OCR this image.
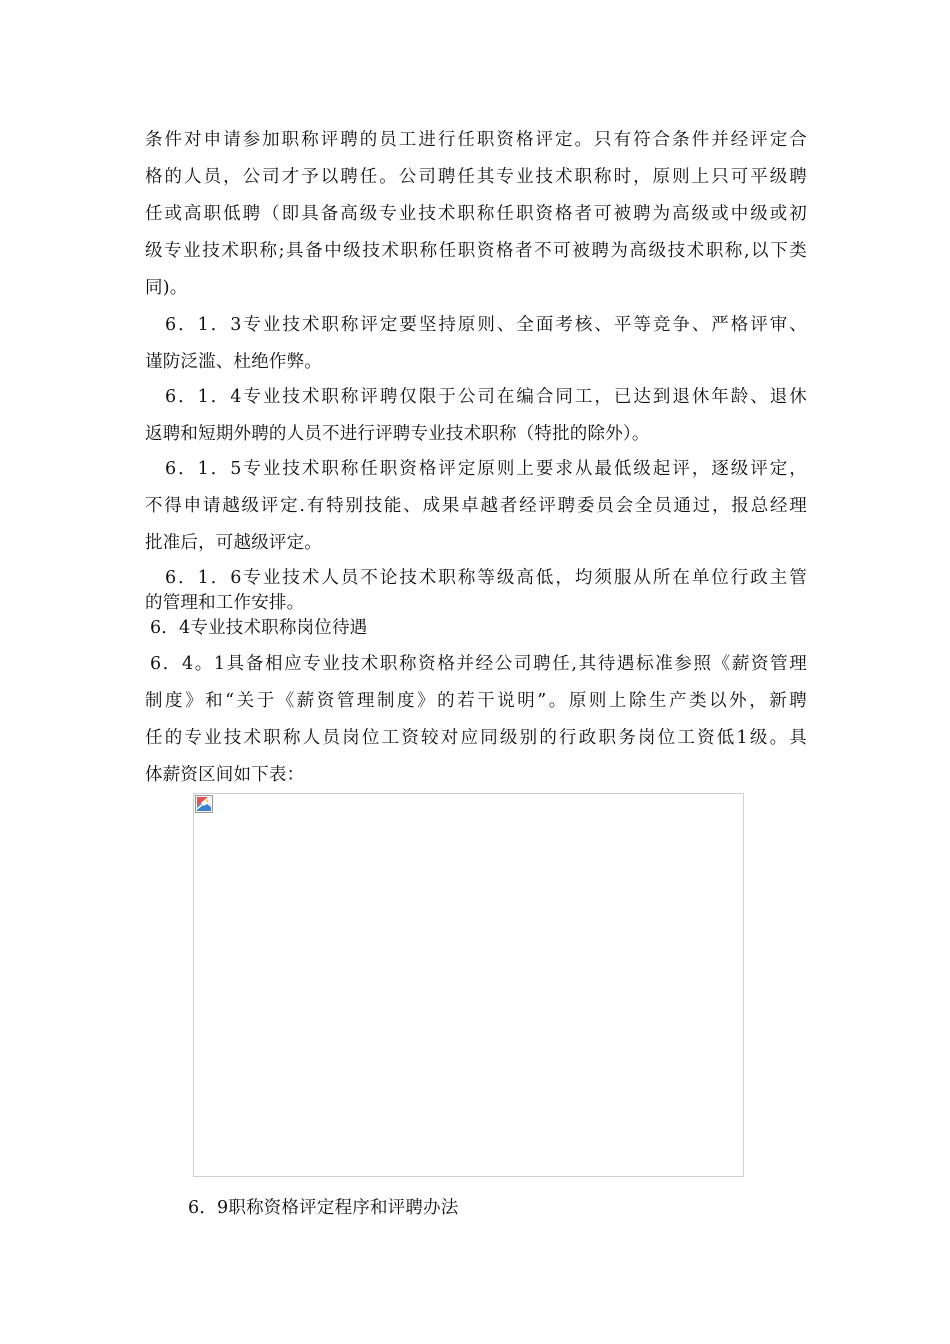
条件对申请参加职称评聘的员工进行任职资格评定。只有符合条件并经评定合
格的人员，公司才予以聘任。公司聘任其专业技术职称时，原则上只可平级聘
任或高职低聘（即具备高级专业技术职称任职资格者可被聘为高级或中级或初
级专业技术职称;具备中级技术职称任职资格者不可被聘为高级技术职称,以下类
同)。
6．1．3专业技术职称评定要坚持原则、全面考核、平等竞争、严格评审、
谨防泛滥、杜绝作弊。
6．1．4专业技术职称评聘仅限于公司在编合同工，已达到退休年龄、退休
返聘和短期外聘的人员不进行评聘专业技术职称（特批的除外）。
6．1．5专业技术职称任职资格评定原则上要求从最低级起评，逐级评定，
不得申请越级评定.有特别技能、成果卓越者经评聘委员会全员通过，报总经理
批准后，可越级评定。
6．1．6专业技术人员不论技术职称等级高低，均须服从所在单位行政主管
的管理和工作安排。
6．4专业技术职称岗位待遇
6．4。1具备相应专业技术职称资格并经公司聘任,其待遇标准参照《薪资管理
制度》和“关于《薪资管理制度》的若干说明”。原则上除生产类以外，新聘
任的专业技术职称人员岗位工资较对应同级别的行政职务岗位工资低1级。具
体薪资区间如下表：
6．9职称资格评定程序和评聘办法
